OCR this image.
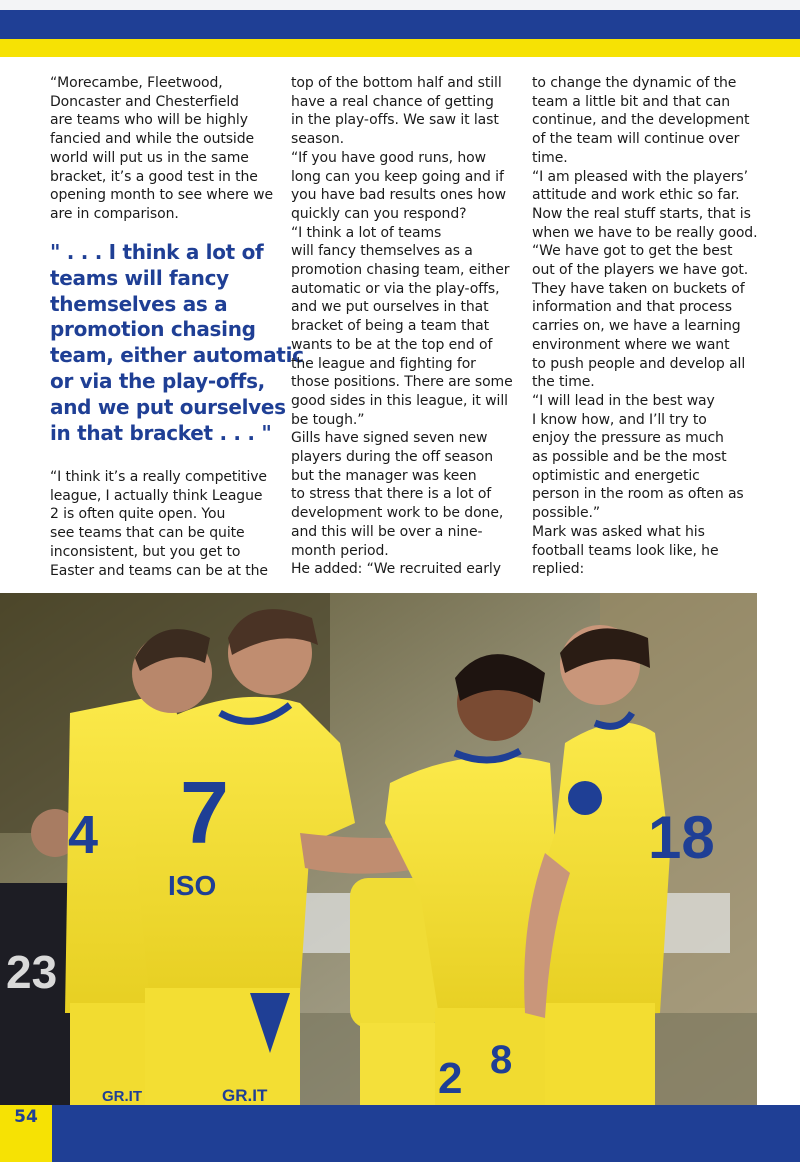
“Morecambe, Fleetwood,
Doncaster and Chesterfield
are teams who will be highly
fancied and while the outside
world will put us in the same
bracket, it’s a good test in the
opening month to see where we
are in comparison.
" . . . I think a lot of
teams will fancy
themselves as a
promotion chasing
team, either automatic
or via the play-offs,
and we put ourselves
in that bracket . . . "
“I think it’s a really competitive
league, I actually think League
2 is often quite open. You
see teams that can be quite
inconsistent, but you get to
Easter and teams can be at the
top of the bottom half and still
have a real chance of getting
in the play-offs. We saw it last
season.
“If you have good runs, how
long can you keep going and if
you have bad results ones how
quickly can you respond?
“I think a lot of teams
will fancy themselves as a
promotion chasing team, either
automatic or via the play-offs,
and we put ourselves in that
bracket of being a team that
wants to be at the top end of
the league and fighting for
those positions. There are some
good sides in this league, it will
be tough.”
Gills have signed seven new
players during the off season
but the manager was keen
to stress that there is a lot of
development work to be done,
and this will be over a nine-
month period.
He added: “We recruited early
to change the dynamic of the
team a little bit and that can
continue, and the development
of the team will continue over
time.
“I am pleased with the players’
attitude and work ethic so far.
Now the real stuff starts, that is
when we have to be really good.
“We have got to get the best
out of the players we have got.
They have taken on buckets of
information and that process
carries on, we have a learning
environment where we want
to push people and develop all
the time.
“I will lead in the best way
I know how, and I’ll try to
enjoy the pressure as much
as possible and be the most
optimistic and energetic
person in the room as often as
possible.”
Mark was asked what his
football teams look like, he
replied:
23
4 7
ISO
GR.IT
GR.IT	2 8
18
54
